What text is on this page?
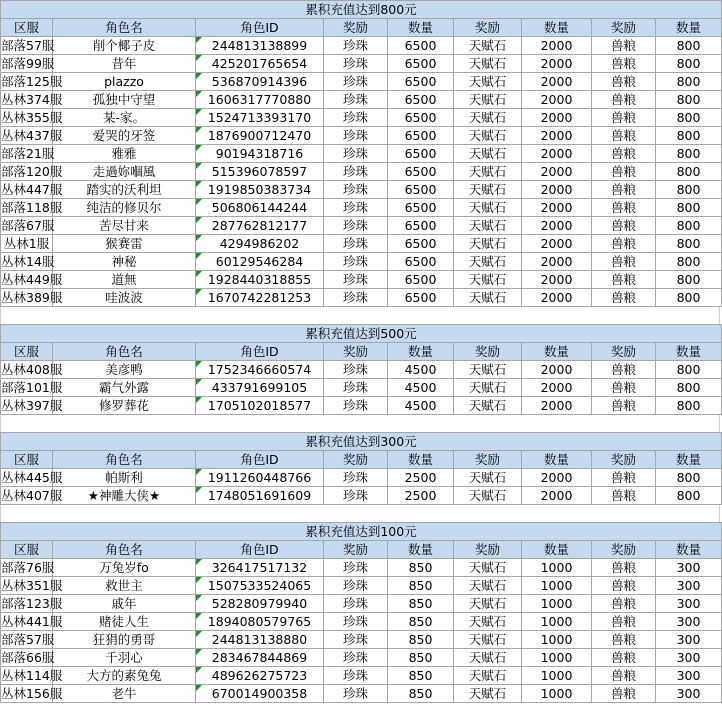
累积充值达到800元								
区服	角色名	角色ID	奖励	数量	奖励	数量	奖励	数量
部落57服	削个椰子皮	244813138899	珍珠	6500	天赋石	2000	兽粮	800
部落99服	昔年	425201765654	珍珠	6500	天赋石	2000	兽粮	800
部落125服	plazzo	536870914396	珍珠	6500	天赋石	2000	兽粮	800
丛林374服	孤独中守望	1606317770880	珍珠	6500	天赋石	2000	兽粮	800
丛林355服	某-家。	1524713393170	珍珠	6500	天赋石	2000	兽粮	800
丛林437服	爱哭的牙签	1876900712470	珍珠	6500	天赋石	2000	兽粮	800
部落21服	雅雅	90194318716	珍珠	6500	天赋石	2000	兽粮	800
部落120服	走過妳嗰風	515396078597	珍珠	6500	天赋石	2000	兽粮	800
丛林447服	踏实的沃利坦	1919850383734	珍珠	6500	天赋石	2000	兽粮	800
部落118服	纯洁的修贝尔	506806144244	珍珠	6500	天赋石	2000	兽粮	800
部落67服	苦尽甘来	287762812177	珍珠	6500	天赋石	2000	兽粮	800
丛林1服	猴赛雷	4294986202	珍珠	6500	天赋石	2000	兽粮	800
丛林14服	神秘	60129546284	珍珠	6500	天赋石	2000	兽粮	800
丛林449服	道無	1928440318855	珍珠	6500	天赋石	2000	兽粮	800
丛林389服	哇波波	1670742281253	珍珠	6500	天赋石	2000	兽粮	800
累积充值达到500元								
区服	角色名	角色ID	奖励	数量	奖励	数量	奖励	数量
丛林408服	美彦鸭	1752346660574	珍珠	4500	天赋石	2000	兽粮	800
部落101服	霸气外露	433791699105	珍珠	4500	天赋石	2000	兽粮	800
丛林397服	修罗葬花	1705102018577	珍珠	4500	天赋石	2000	兽粮	800
累积充值达到300元								
区服	角色名	角色ID	奖励	数量	奖励	数量	奖励	数量
丛林445服	帕斯利	1911260448766	珍珠	2500	天赋石	2000	兽粮	800
丛林407服	★神雕大侠★	1748051691609	珍珠	2500	天赋石	2000	兽粮	800
累积充值达到100元								
区服	角色名	角色ID	奖励	数量	奖励	数量	奖励	数量
部落76服	万兔岁fo	326417517132	珍珠	850	天赋石	1000	兽粮	300
丛林351服	救世主	1507533524065	珍珠	850	天赋石	1000	兽粮	300
部落123服	戚年	528280979940	珍珠	850	天赋石	1000	兽粮	300
丛林441服	赌徒人生	1894080579765	珍珠	850	天赋石	1000	兽粮	300
部落57服	狂狷的勇哥	244813138880	珍珠	850	天赋石	1000	兽粮	300
部落66服	千羽心	283467844869	珍珠	850	天赋石	1000	兽粮	300
丛林114服	大方的素兔兔	489626275723	珍珠	850	天赋石	1000	兽粮	300
丛林156服	老牛	670014900358	珍珠	850	天赋石	1000	兽粮	300
